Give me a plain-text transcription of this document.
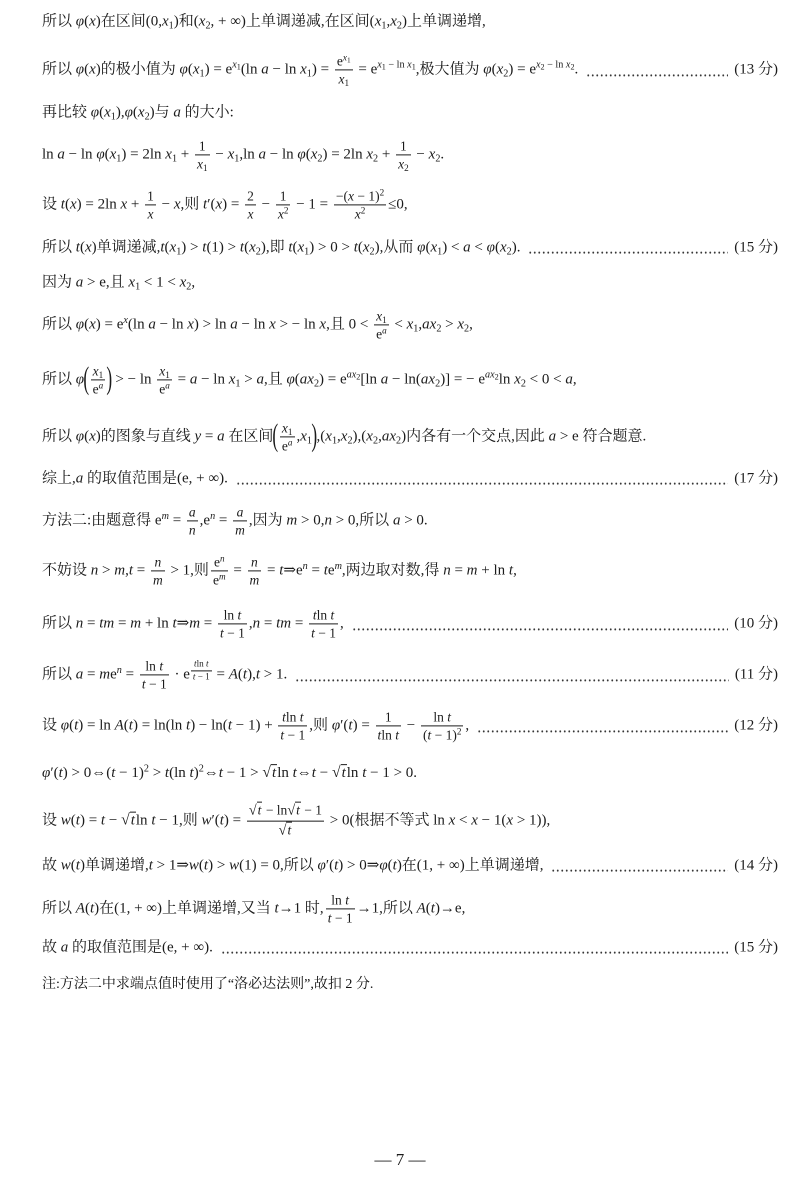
所以 φ(x)在区间$(0,x_1)$和($x_2$, + ∞)上单调递减,在区间$(x_1,x_2)$上单调递增,
所以 φ(x)的极小值为 $\varphi(x_1) = e^{x_1}(\ln$ $a - \ln x_1) = \frac{e^{x_1}}{x_1} = e^{x_1 - ln x_1}$,极大值为 $\varphi(x_2) = e^{x_2 - ln x_2}$.	(13 分)
再比较 $\varphi(x_1),\varphi(x_2)$与 a 的大小:
$\ln a - \ln \varphi(x_1) = 2\ln$ $x_1 + \frac{1}{x_1} - x_1,\ln$ $a - \ln \varphi(x_2) = 2\ln$ $x_2 + \frac{1}{x_2} - x_2$.
设 t(x) = 2ln $x + \frac{1}{x} - x$,则 $t'(x) = \frac{2}{x} - \frac{1}{x^2} - 1 = \frac{-(x - 1)^2}{x^2} \le 0$,
所以 t(x)单调递减$,t(x_1) > t(1) > t(x_2)$,即 $t(x_1) > 0 > t(x_2)$,从而 $\varphi(x_1) < a < \varphi(x_2)$.	(15 分)
因为 a > e,且 $x_1 < 1 < x_2$,
所以 $\varphi(x) = e^x(\ln$ a − ln x) > ln a − ln x > − ln x,且 $0 < \frac{x_1}{e^a} < x_1,ax_2 > x_2$,
所以 $\varphi( \frac{x_1}{e^a}$ ) > − $\ln \frac{x_1}{e^a} = a - \ln x_1 > a$,且 $\varphi(ax_2) = e^{ax_2}[\ln$ $a - \ln(ax_2)$] = − $e^{ax_2}\ln$ $x_2 < 0 < a$,
所以 φ(x)的图象与直线 y = a 在区间( $\frac{x_1}{e^a} ,x_1),(x_1,x_2),(x_2,ax_2)$内各有一个交点,因此 a > e 符合题意.
综上,a 的取值范围是(e, + ∞).	(17 分)
方法二:由题意得 $e^m = \frac{a}{n} ,e^n = \frac{a}{m}$ ,因为 m > 0,n > 0,所以 a > 0.
不妨设 $n > m,t = \frac{n}{m} > 1$,则 $\frac{e^n}{e^m} = \frac{n}{m}$ = $t\Rightarrow e^n = te^m$,两边取对数,得 n = m + ln t,
所以 n = tm = m + ln t⇒m = $\frac{\text{ln t}}{t - 1} ,n$ = tm = $\frac{\text{tln t}}{t - 1}$ ,	(10 分)
所以 $a = me^n = \frac{\text{ln t}}{t - 1} \cdot e$ $^{\frac{\text{tln t}}{t - 1}}$ = A(t),t > 1.	(11 分)
设 φ(t) = ln A(t) = ln(ln $t) - \ln(t - 1) + \frac{\text{tln t}}{t - 1}$ ,则 $\varphi'(t) = \frac{1}{\text{tln t}} - \frac{\text{ln t}}{(t - 1)^2}$ ,	(12 分)
φ′(t) > 0⇔(t − 1)$^2$ > t(ln t)$^2$⇔t − 1 > √tln t⇔t − √tln t − 1 > 0.
设 w(t) = t − √tln t − 1,则 $w'(t) = \frac{√t - \ln√t - 1}{√t} > 0$(根据不等式 ln x < x − 1(x > 1)),
故 w(t)单调递增,t > 1⇒w(t) > w(1) = 0,所以 φ′(t) > 0⇒φ(t)在(1, + ∞)上单调递增,	(14 分)
所以 A(t)在(1, + ∞)上单调递增,又当 t→1 时, $\frac{\text{ln t}}{t - 1} \to 1$,所以 A(t)→e,
故 a 的取值范围是(e, + ∞).	(15 分)
注:方法二中求端点值时使用了“洛必达法则”,故扣 2 分.
— 7 —
